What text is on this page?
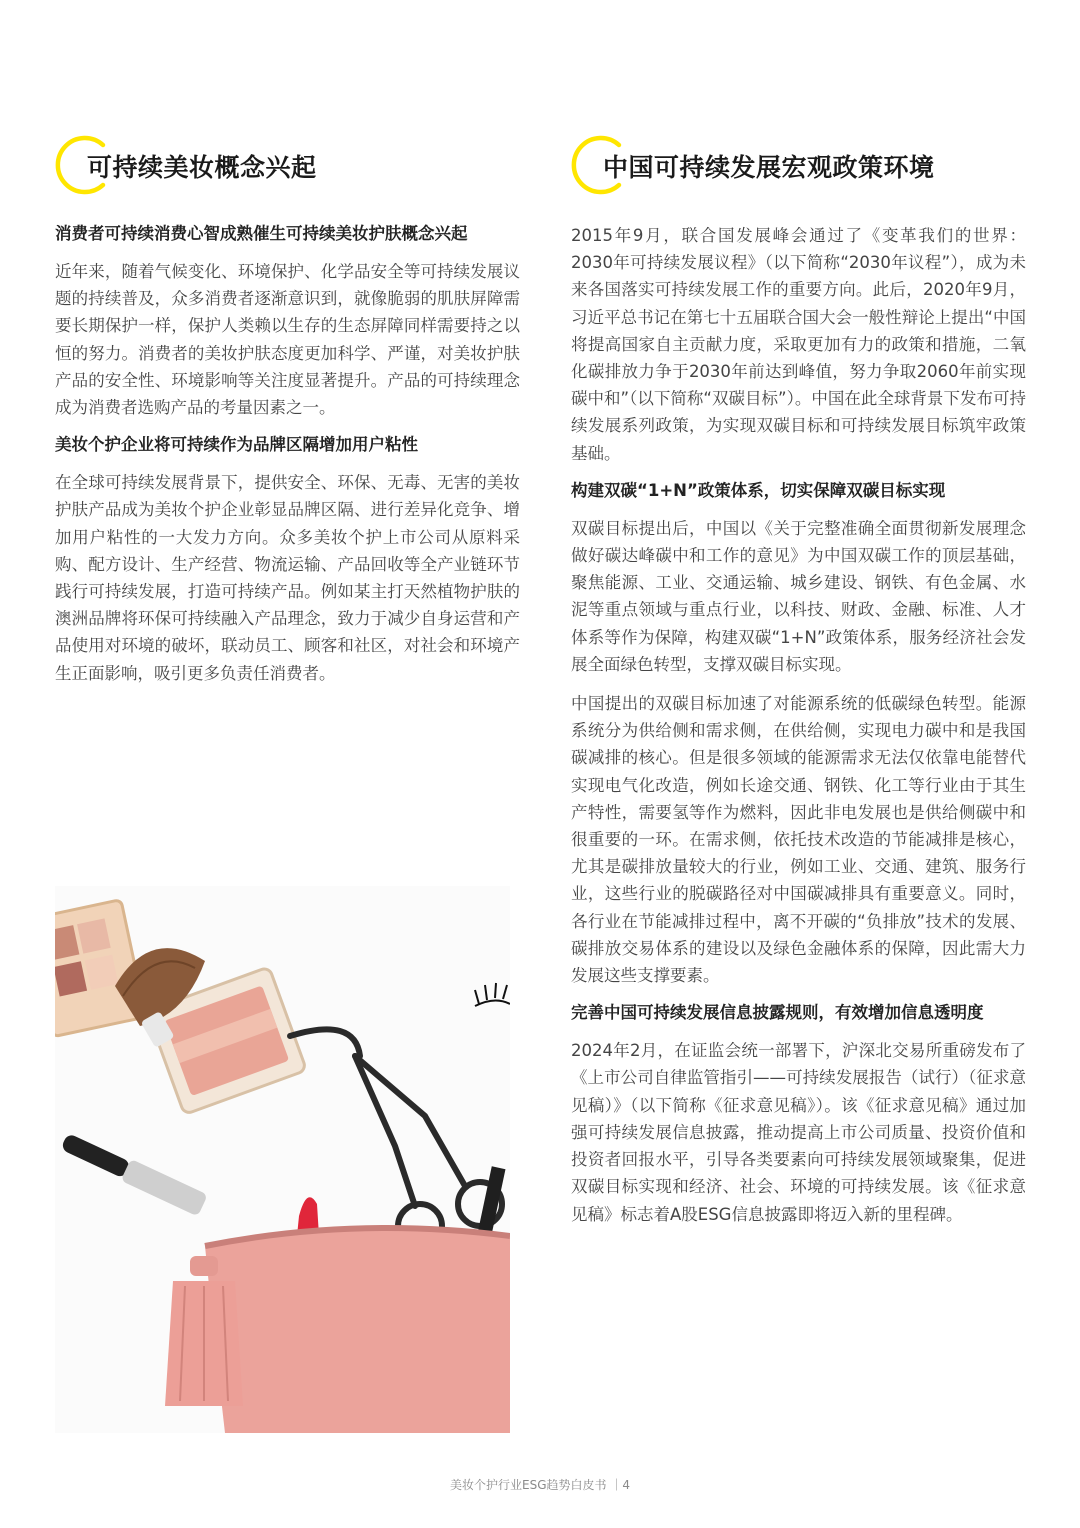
可持续美妆概念兴起
消费者可持续消费心智成熟催生可持续美妆护肤概念兴起

近年来，随着气候变化、环境保护、化学品安全等可持续发展议题的持续普及，众多消费者逐渐意识到，就像脆弱的肌肤屏障需要长期保护一样，保护人类赖以生存的生态屏障同样需要持之以恒的努力。消费者的美妆护肤态度更加科学、严谨，对美妆护肤产品的安全性、环境影响等关注度显著提升。产品的可持续理念成为消费者选购产品的考量因素之一。

美妆个护企业将可持续作为品牌区隔增加用户粘性

在全球可持续发展背景下，提供安全、环保、无毒、无害的美妆护肤产品成为美妆个护企业彰显品牌区隔、进行差异化竞争、增加用户粘性的一大发力方向。众多美妆个护上市公司从原料采购、配方设计、生产经营、物流运输、产品回收等全产业链环节践行可持续发展，打造可持续产品。例如某主打天然植物护肤的澳洲品牌将环保可持续融入产品理念，致力于减少自身运营和产品使用对环境的破坏，联动员工、顾客和社区，对社会和环境产生正面影响，吸引更多负责任消费者。

中国可持续发展宏观政策环境

2015年9月，联合国发展峰会通过了《变革我们的世界：2030年可持续发展议程》（以下简称“2030年议程”），成为未来各国落实可持续发展工作的重要方向。此后，2020年9月，习近平总书记在第七十五届联合国大会一般性辩论上提出“中国将提高国家自主贡献力度，采取更加有力的政策和措施，二氧化碳排放力争于2030年前达到峰值，努力争取2060年前实现碳中和”（以下简称“双碳目标”）。中国在此全球背景下发布可持续发展系列政策，为实现双碳目标和可持续发展目标筑牢政策基础。

构建双碳“1+N”政策体系，切实保障双碳目标实现

双碳目标提出后，中国以《关于完整准确全面贯彻新发展理念做好碳达峰碳中和工作的意见》为中国双碳工作的顶层基础，聚焦能源、工业、交通运输、城乡建设、钢铁、有色金属、水泥等重点领域与重点行业，以科技、财政、金融、标准、人才体系等作为保障，构建双碳“1+N”政策体系，服务经济社会发展全面绿色转型，支撑双碳目标实现。

中国提出的双碳目标加速了对能源系统的低碳绿色转型。能源系统分为供给侧和需求侧，在供给侧，实现电力碳中和是我国碳减排的核心。但是很多领域的能源需求无法仅依靠电能替代实现电气化改造，例如长途交通、钢铁、化工等行业由于其生产特性，需要氢等作为燃料，因此非电发展也是供给侧碳中和很重要的一环。在需求侧，依托技术改造的节能减排是核心，尤其是碳排放量较大的行业，例如工业、交通、建筑、服务行业，这些行业的脱碳路径对中国碳减排具有重要意义。同时，各行业在节能减排过程中，离不开碳的“负排放”技术的发展、碳排放交易体系的建设以及绿色金融体系的保障，因此需大力发展这些支撑要素。

完善中国可持续发展信息披露规则，有效增加信息透明度

2024年2月，在证监会统一部署下，沪深北交易所重磅发布了《上市公司自律监管指引——可持续发展报告（试行）（征求意见稿）》（以下简称《征求意见稿》）。该《征求意见稿》通过加强可持续发展信息披露，推动提高上市公司质量、投资价值和投资者回报水平，引导各类要素向可持续发展领域聚集，促进双碳目标实现和经济、社会、环境的可持续发展。该《征求意见稿》标志着A股ESG信息披露即将迈入新的里程碑。

美妆个护行业ESG趋势白皮书 ｜4
